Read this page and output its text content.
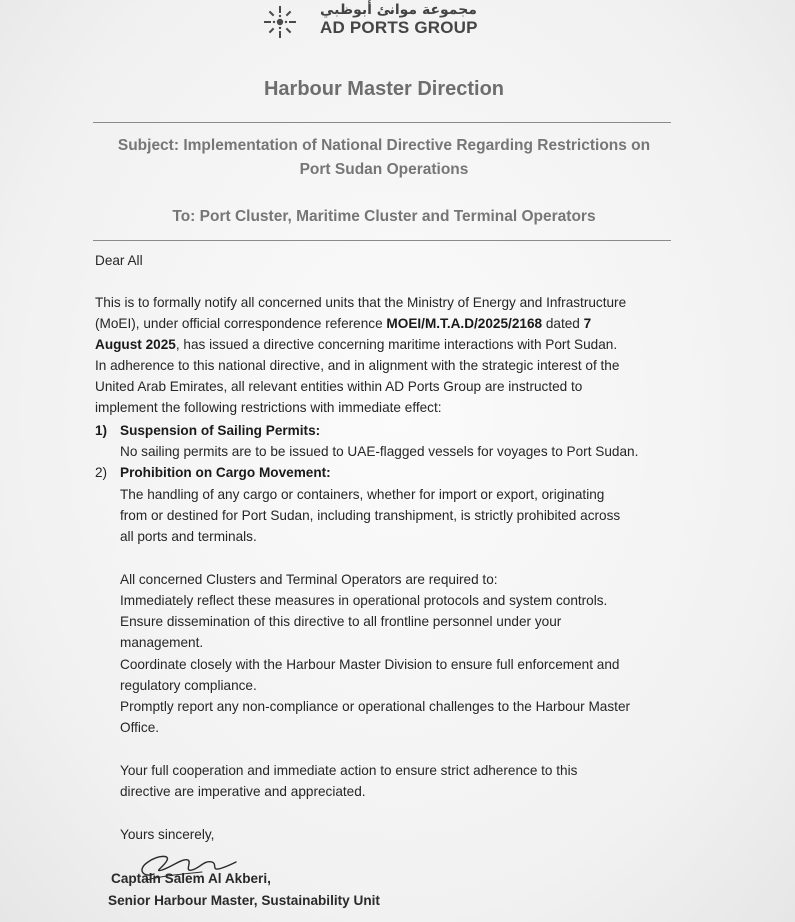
مجموعة موانئ أبوظبي
AD PORTS GROUP
Harbour Master Direction
Subject: Implementation of National Directive Regarding Restrictions on
Port Sudan Operations
To: Port Cluster, Maritime Cluster and Terminal Operators
Dear All
This is to formally notify all concerned units that the Ministry of Energy and Infrastructure
(MoEI), under official correspondence reference MOEI/M.T.A.D/2025/2168 dated 7
August 2025, has issued a directive concerning maritime interactions with Port Sudan.
In adherence to this national directive, and in alignment with the strategic interest of the
United Arab Emirates, all relevant entities within AD Ports Group are instructed to
implement the following restrictions with immediate effect:
1) Suspension of Sailing Permits:
No sailing permits are to be issued to UAE-flagged vessels for voyages to Port Sudan.
2) Prohibition on Cargo Movement:
The handling of any cargo or containers, whether for import or export, originating
from or destined for Port Sudan, including transhipment, is strictly prohibited across
all ports and terminals.
All concerned Clusters and Terminal Operators are required to:
Immediately reflect these measures in operational protocols and system controls.
Ensure dissemination of this directive to all frontline personnel under your
management.
Coordinate closely with the Harbour Master Division to ensure full enforcement and
regulatory compliance.
Promptly report any non-compliance or operational challenges to the Harbour Master
Office.
Your full cooperation and immediate action to ensure strict adherence to this
directive are imperative and appreciated.
Yours sincerely,
Captain Salem Al Akberi,
Senior Harbour Master, Sustainability Unit
